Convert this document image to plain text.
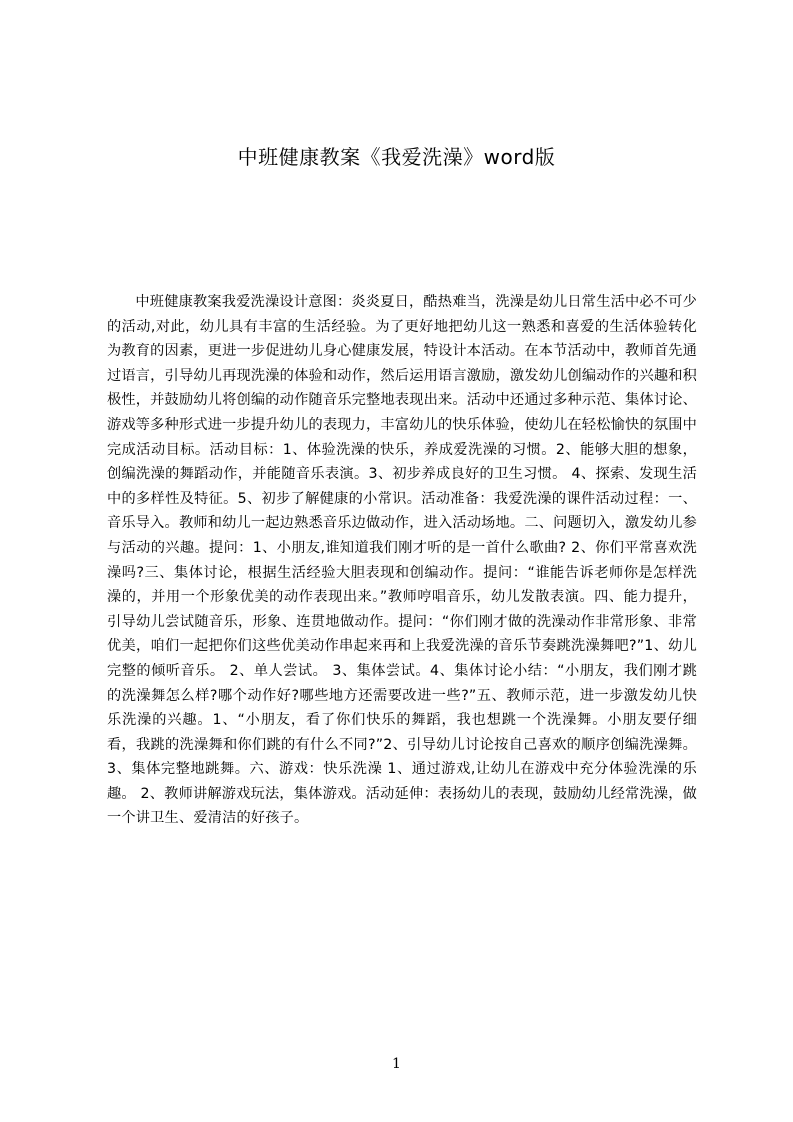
中班健康教案《我爱洗澡》word版

中班健康教案我爱洗澡设计意图：炎炎夏日，酷热难当，洗澡是幼儿日常生活中必不可少的活动,对此，幼儿具有丰富的生活经验。为了更好地把幼儿这一熟悉和喜爱的生活体验转化为教育的因素，更进一步促进幼儿身心健康发展，特设计本活动。在本节活动中，教师首先通过语言，引导幼儿再现洗澡的体验和动作，然后运用语言激励，激发幼儿创编动作的兴趣和积极性，并鼓励幼儿将创编的动作随音乐完整地表现出来。活动中还通过多种示范、集体讨论、游戏等多种形式进一步提升幼儿的表现力，丰富幼儿的快乐体验，使幼儿在轻松愉快的氛围中完成活动目标。活动目标：1、体验洗澡的快乐，养成爱洗澡的习惯。2、能够大胆的想象，创编洗澡的舞蹈动作，并能随音乐表演。3、初步养成良好的卫生习惯。 4、探索、发现生活中的多样性及特征。5、初步了解健康的小常识。活动准备：我爱洗澡的课件活动过程：一、音乐导入。教师和幼儿一起边熟悉音乐边做动作，进入活动场地。二、问题切入，激发幼儿参与活动的兴趣。提问：1、小朋友,谁知道我们刚才听的是一首什么歌曲? 2、你们平常喜欢洗澡吗?三、集体讨论，根据生活经验大胆表现和创编动作。提问：“谁能告诉老师你是怎样洗澡的，并用一个形象优美的动作表现出来。”教师哼唱音乐，幼儿发散表演。四、能力提升，引导幼儿尝试随音乐，形象、连贯地做动作。提问：“你们刚才做的洗澡动作非常形象、非常优美，咱们一起把你们这些优美动作串起来再和上我爱洗澡的音乐节奏跳洗澡舞吧?”1、幼儿完整的倾听音乐。 2、单人尝试。 3、集体尝试。4、集体讨论小结：“小朋友，我们刚才跳的洗澡舞怎么样?哪个动作好?哪些地方还需要改进一些?”五、教师示范，进一步激发幼儿快乐洗澡的兴趣。1、“小朋友，看了你们快乐的舞蹈，我也想跳一个洗澡舞。小朋友要仔细看，我跳的洗澡舞和你们跳的有什么不同?”2、引导幼儿讨论按自己喜欢的顺序创编洗澡舞。3、集体完整地跳舞。六、游戏：快乐洗澡 1、通过游戏,让幼儿在游戏中充分体验洗澡的乐趣。 2、教师讲解游戏玩法，集体游戏。活动延伸：表扬幼儿的表现，鼓励幼儿经常洗澡，做一个讲卫生、爱清洁的好孩子。

1
